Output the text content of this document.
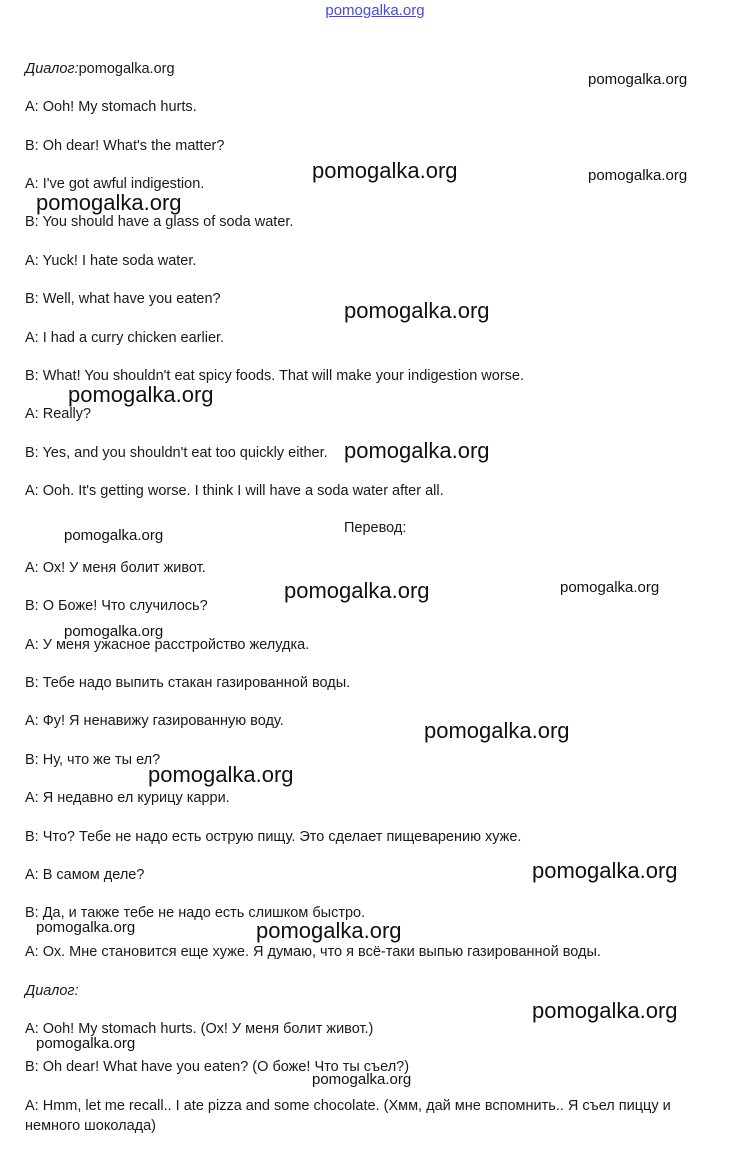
pomogalka.org
Диалог:pomogalka.org
A: Ooh! My stomach hurts.
B: Oh dear! What's the matter?
A: I've got awful indigestion.
B: You should have a glass of soda water.
A: Yuck! I hate soda water.
B: Well, what have you eaten?
A: I had a curry chicken earlier.
B: What! You shouldn't eat spicy foods. That will make your indigestion worse.
A: Really?
B: Yes, and you shouldn't eat too quickly either.
A: Ooh. It's getting worse. I think I will have a soda water after all.
Перевод:
A: Ох! У меня болит живот.
B: О Боже! Что случилось?
A: У меня ужасное расстройство желудка.
B: Тебе надо выпить стакан газированной воды.
A: Фу! Я ненавижу газированную воду.
B: Ну, что же ты ел?
A: Я недавно ел курицу карри.
B: Что? Тебе не надо есть острую пищу. Это сделает пищеварению хуже.
A: В самом деле?
B: Да, и также тебе не надо есть слишком быстро.
A: Ох. Мне становится еще хуже. Я думаю, что я всё-таки выпью газированной воды.
Диалог:
A: Ooh! My stomach hurts. (Ох! У меня болит живот.)
B: Oh dear! What have you eaten? (О боже! Что ты съел?)
A: Hmm, let me recall.. I ate pizza and some chocolate. (Хмм, дай мне вспомнить.. Я съел пиццу и немного шоколада)
pomogalka.org
pomogalka.org	pomogalka.org
pomogalka.org
pomogalka.org
pomogalka.org
pomogalka.org
pomogalka.org
pomogalka.org	pomogalka.org
pomogalka.org
pomogalka.org
pomogalka.org
pomogalka.org
pomogalka.org	pomogalka.org
pomogalka.org
pomogalka.org
pomogalka.org
